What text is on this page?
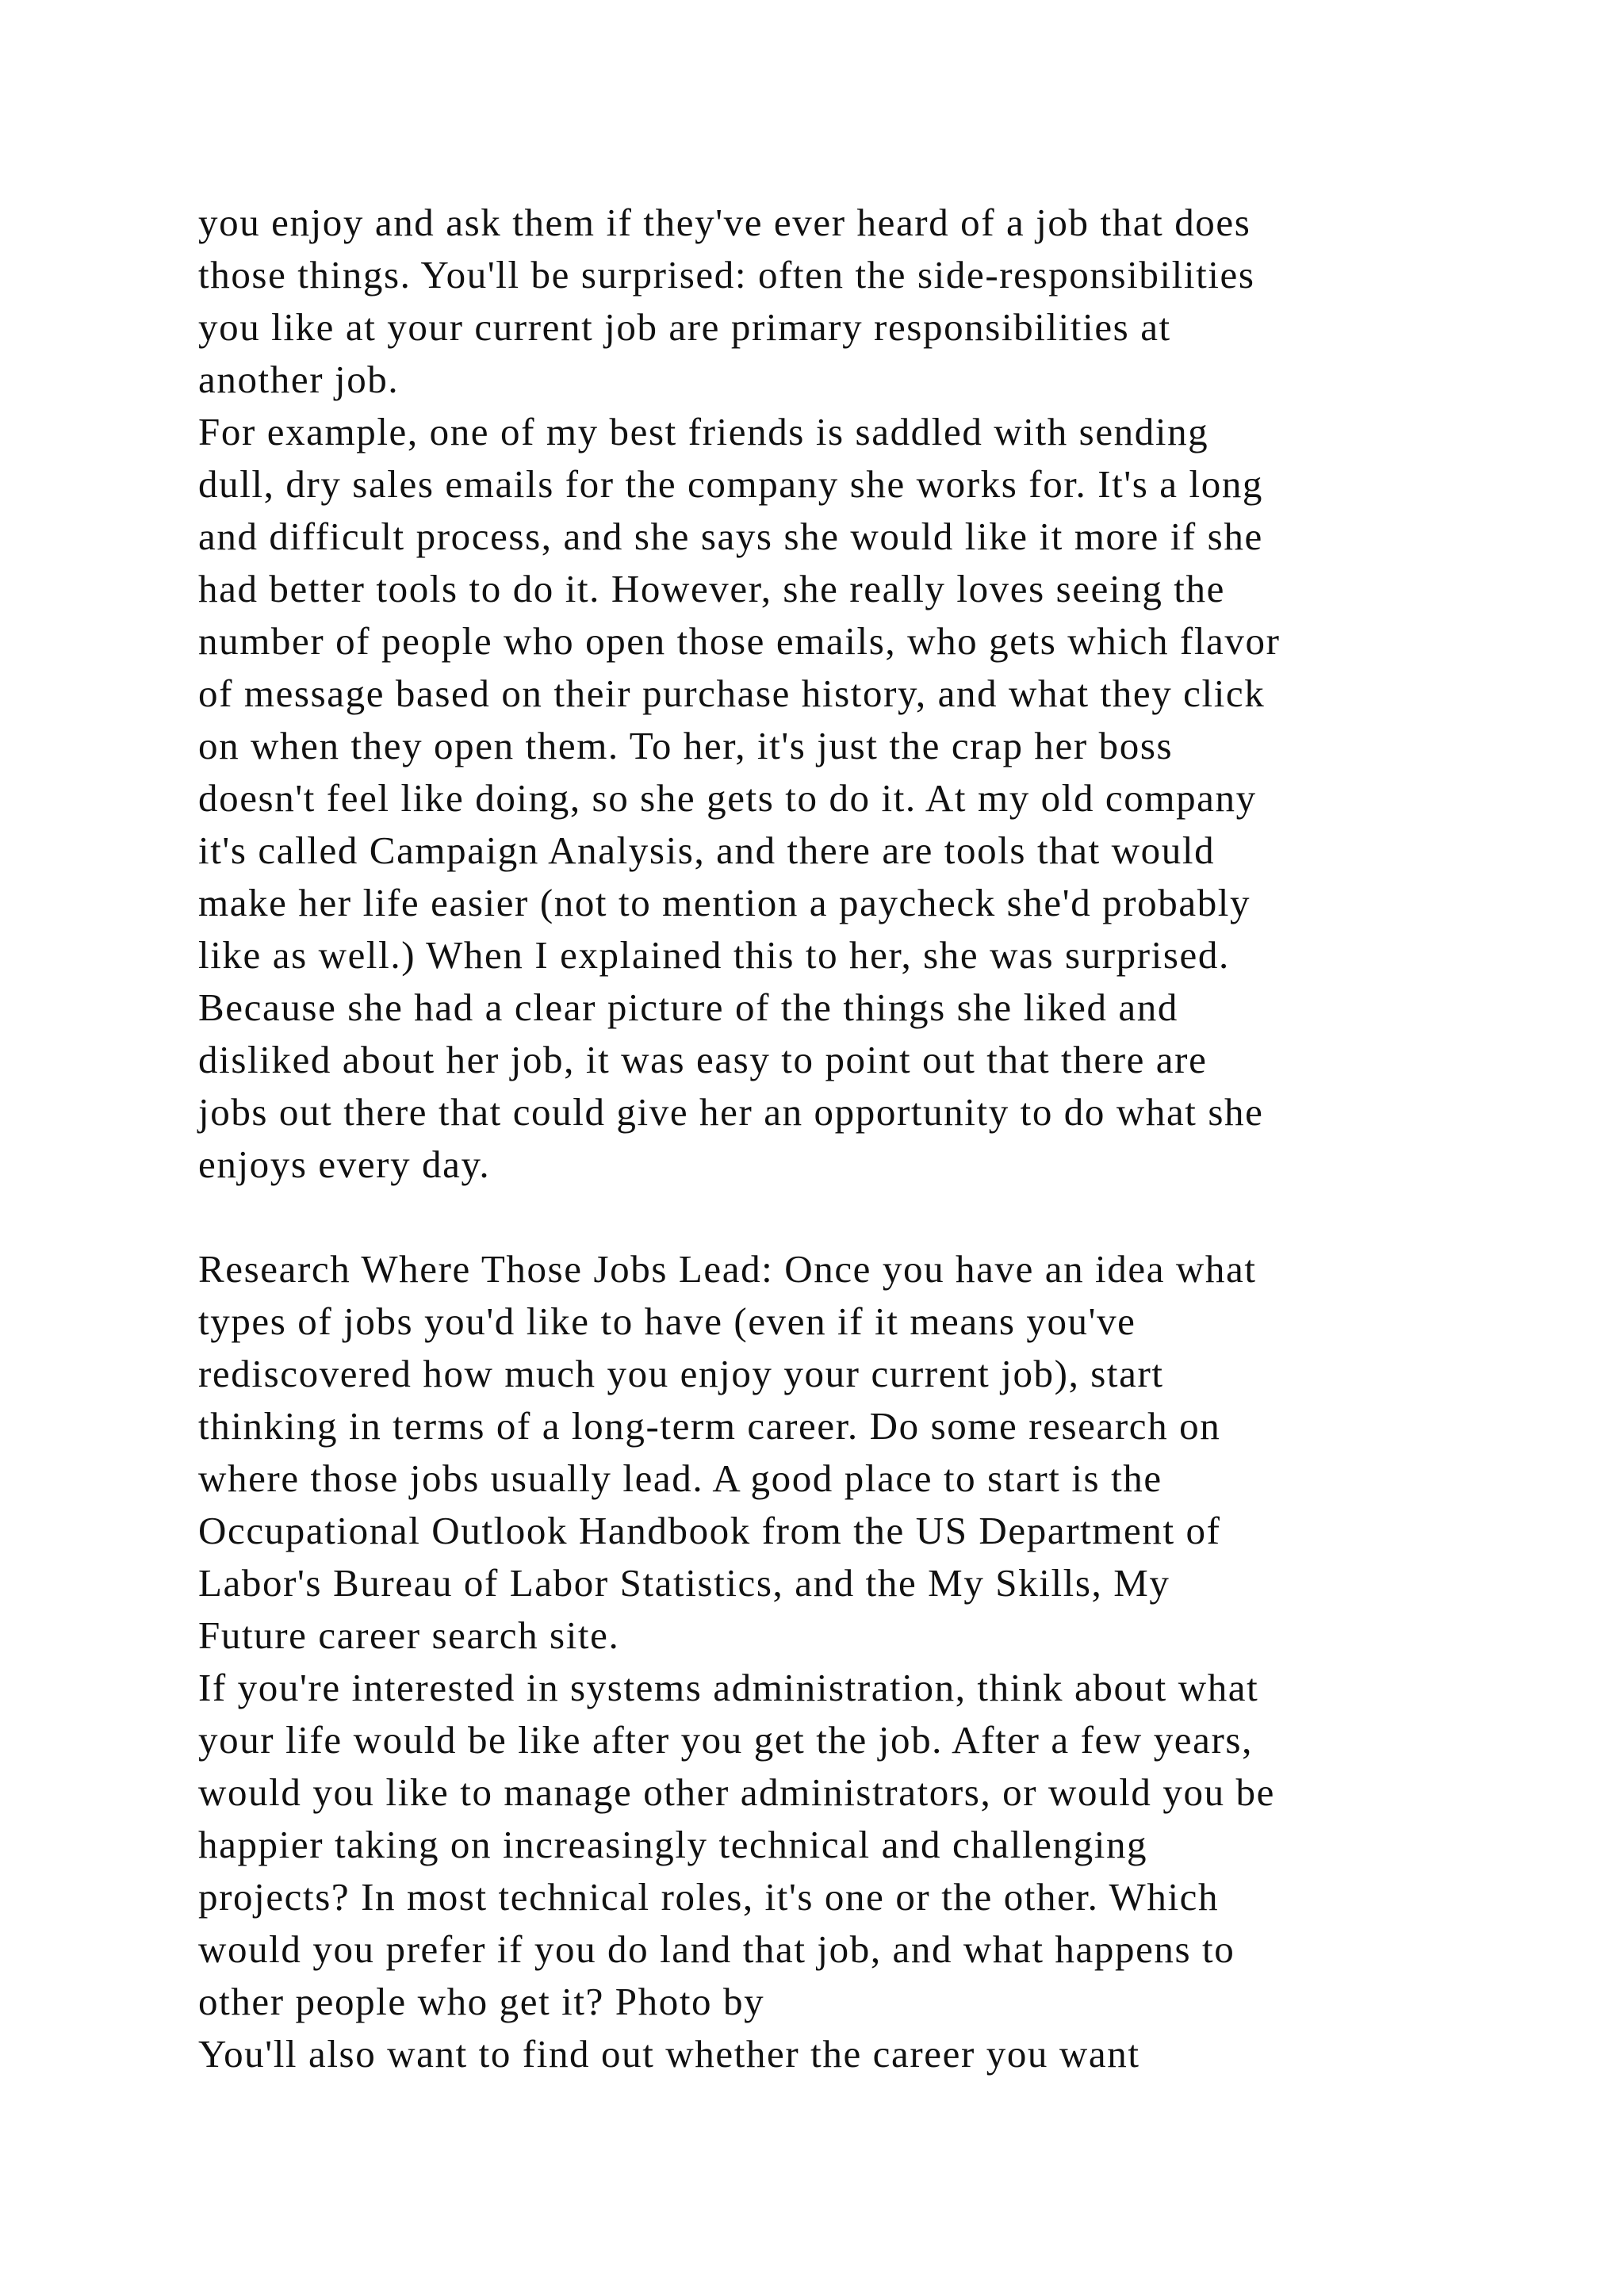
you enjoy and ask them if they've ever heard of a job that does
those things. You'll be surprised: often the side-responsibilities
you like at your current job are primary responsibilities at
another job.
For example, one of my best friends is saddled with sending
dull, dry sales emails for the company she works for. It's a long
and difficult process, and she says she would like it more if she
had better tools to do it. However, she really loves seeing the
number of people who open those emails, who gets which flavor
of message based on their purchase history, and what they click
on when they open them. To her, it's just the crap her boss
doesn't feel like doing, so she gets to do it. At my old company
it's called Campaign Analysis, and there are tools that would
make her life easier (not to mention a paycheck she'd probably
like as well.) When I explained this to her, she was surprised.
Because she had a clear picture of the things she liked and
disliked about her job, it was easy to point out that there are
jobs out there that could give her an opportunity to do what she
enjoys every day.
Research Where Those Jobs Lead: Once you have an idea what
types of jobs you'd like to have (even if it means you've
rediscovered how much you enjoy your current job), start
thinking in terms of a long-term career. Do some research on
where those jobs usually lead. A good place to start is the
Occupational Outlook Handbook from the US Department of
Labor's Bureau of Labor Statistics, and the My Skills, My
Future career search site.
If you're interested in systems administration, think about what
your life would be like after you get the job. After a few years,
would you like to manage other administrators, or would you be
happier taking on increasingly technical and challenging
projects? In most technical roles, it's one or the other. Which
would you prefer if you do land that job, and what happens to
other people who get it? Photo by
You'll also want to find out whether the career you want
